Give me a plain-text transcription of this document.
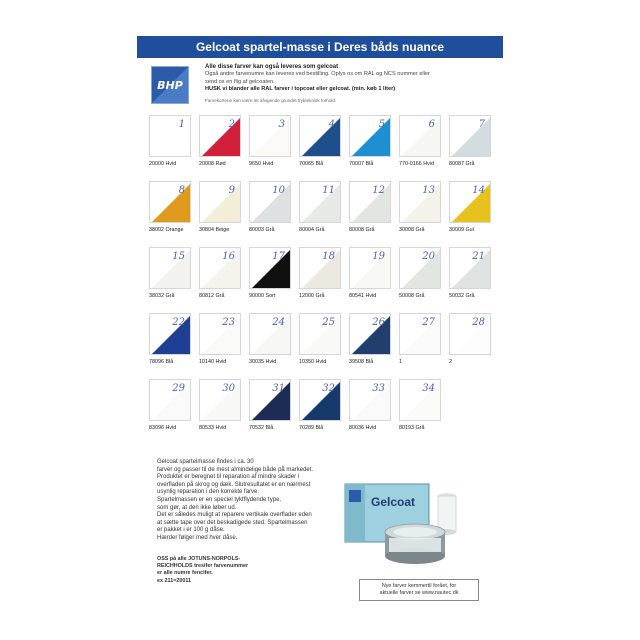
Gelcoat spartel-masse i Deres båds nuance
BHP
Alle disse farver kan også leveres som gelcoat
Også andre farvenumre kan leveres ved bestilling. Oplys os om RAL og NCS nummer eller
send os en flig af gelcoaten.
HUSK vi blander alle RAL farver i topcoat eller gelcoat. (min. køb 1 liter)
Farvekortene kan være let afvigende grundet trykteknisk forhold.
1
20000 Hvid
2
20008 Rød
3
9650 Hvid
4
70065 Blå
5
70007 Blå
6
770-0166 Hvid
7
80087 Grå
8
38002 Orange
9
30804 Beige
10
80003 Grå
11
80004 Grå
12
80008 Grå
13
30008 Grå
14
30009 Gul
15
38032 Grå
16
80812 Grå
17
90000 Sort
18
12000 Grå
19
80541 Hvid
20
50008 Grå
21
50032 Grå
22
78096 Blå
23
10140 Hvid
24
30035 Hvid
25
10350 Hvid
26
39508 Blå
27
1
28
2
29
83096 Hvid
30
80533 Hvid
31
70532 Blå
32
70289 Blå
33
80036 Hvid
34
80193 Grå

Gelcoat spartelmasse findes i ca. 30

farver og passer til de mest almindelige både på markedet.

Produktet er beregnet til reparation af mindre skader i

overfladen på skrog og dæk. Slutresultatet er en nærmest

usynlig reparation i den korrekte farve.

Spartelmassen er en speciel tyktflydende type,

som gør, at den ikke løber ud.

Det er således muligt at reparere vertikale overflader eden

at sætte tape over det beskadigede sted. Spartelmassen

er pakket i er 100 g dåse.

Hærder følger med hver dåse.

OSS på alle JOTUNS-NORPOLS-

REICHHOLDS tresifer farvenummer

er alle numre fencifer.

ex 211=20011

Gelcoat

Nye farver kemmertil forået, for

aktuelle farver se www.nautec.dk
